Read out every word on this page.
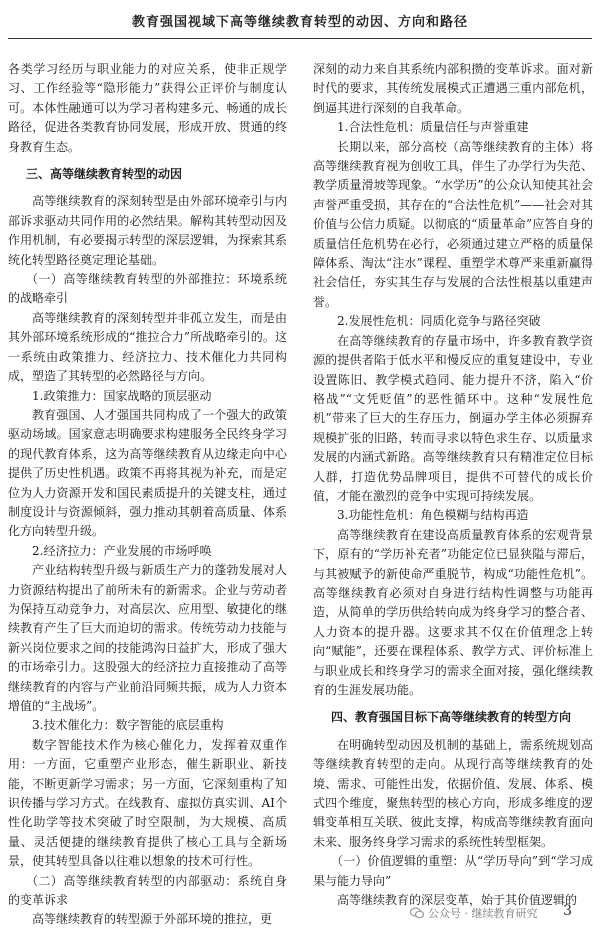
教育强国视域下高等继续教育转型的动因、方向和路径

各类学习经历与职业能力的对应关系，使非正规学习、工作经验等“隐形能力”获得公正评价与制度认可。本体性融通可以为学习者构建多元、畅通的成长路径，促进各类教育协同发展，形成开放、贯通的终身教育生态。

三、高等继续教育转型的动因

高等继续教育的深刻转型是由外部环境牵引与内部诉求驱动共同作用的必然结果。解构其转型动因及作用机制，有必要揭示转型的深层逻辑，为探索其系统化转型路径奠定理论基础。

（一）高等继续教育转型的外部推拉：环境系统的战略牵引

高等继续教育的深刻转型并非孤立发生，而是由其外部环境系统形成的“推拉合力”所战略牵引的。这一系统由政策推力、经济拉力、技术催化力共同构成，塑造了其转型的必然路径与方向。

1.政策推力：国家战略的顶层驱动

教育强国、人才强国共同构成了一个强大的政策驱动场域。国家意志明确要求构建服务全民终身学习的现代教育体系，这为高等继续教育从边缘走向中心提供了历史性机遇。政策不再将其视为补充，而是定位为人力资源开发和国民素质提升的关键支柱，通过制度设计与资源倾斜，强力推动其朝着高质量、体系化方向转型升级。

2.经济拉力：产业发展的市场呼唤

产业结构转型升级与新质生产力的蓬勃发展对人力资源结构提出了前所未有的新需求。企业与劳动者为保持互动竞争力，对高层次、应用型、敏捷化的继续教育产生了巨大而迫切的需求。传统劳动力技能与新兴岗位要求之间的技能鸿沟日益扩大，形成了强大的市场牵引力。这股强大的经济拉力直接推动了高等继续教育的内容与产业前沿同频共振，成为人力资本增值的“主战场”。

3.技术催化力：数字智能的底层重构

数字智能技术作为核心催化力，发挥着双重作用：一方面，它重塑产业形态，催生新职业、新技能，不断更新学习需求；另一方面，它深刻重构了知识传播与学习方式。在线教育、虚拟仿真实训、AI个性化助学等技术突破了时空限制，为大规模、高质量、灵活便捷的继续教育提供了核心工具与全新场景，使其转型具备以往难以想象的技术可行性。

（二）高等继续教育转型的内部驱动：系统自身的变革诉求

高等继续教育的转型源于外部环境的推拉，更

深刻的动力来自其系统内部积攒的变革诉求。面对新时代的要求，其传统发展模式正遭遇三重内部危机，倒逼其进行深刻的自我革命。

1.合法性危机：质量信任与声誉重建

长期以来，部分高校（高等继续教育的主体）将高等继续教育视为创收工具，伴生了办学行为失范、教学质量滑坡等现象。“水学历”的公众认知使其社会声誉严重受损，其存在的“合法性危机”——社会对其价值与公信力质疑。以彻底的“质量革命”应答自身的质量信任危机势在必行，必须通过建立严格的质量保障体系、淘汰“注水”课程、重塑学术尊严来重新赢得社会信任，夯实其生存与发展的合法性根基以重建声誉。

2.发展性危机：同质化竞争与路径突破

在高等继续教育的存量市场中，许多教育教学资源的提供者陷于低水平和慢反应的重复建设中，专业设置陈旧、教学模式趋同、能力提升不济，陷入“价格战”“文凭贬值”的恶性循环中。这种“发展性危机”带来了巨大的生存压力，倒逼办学主体必须摒弃规模扩张的旧路，转而寻求以特色求生存、以质量求发展的内涵式新路。高等继续教育只有精准定位目标人群，打造优势品牌项目，提供不可替代的成长价值，才能在激烈的竞争中实现可持续发展。

3.功能性危机：角色模糊与结构再造

高等继续教育在建设高质量教育体系的宏观背景下，原有的“学历补充者”功能定位已显狭隘与滞后，与其被赋予的新使命严重脱节，构成“功能性危机”。高等继续教育必须对自身进行结构性调整与功能再造，从简单的学历供给转向成为终身学习的整合者、人力资本的提升器。这要求其不仅在价值理念上转向“赋能”，还要在课程体系、教学方式、评价标准上与职业成长和终身学习的需求全面对接，强化继续教育的生涯发展功能。

四、教育强国目标下高等继续教育的转型方向

在明确转型动因及机制的基础上，需系统规划高等继续教育转型的走向。从现行高等继续教育的处境、需求、可能性出发，依据价值、发展、体系、模式四个维度，聚焦转型的核心方向，形成多维度的逻辑变革相互关联、彼此支撑，构成高等继续教育面向未来、服务终身学习需求的系统性转型框架。

（一）价值逻辑的重塑：从“学历导向”到“学习成果与能力导向”

高等继续教育的深层变革，始于其价值逻辑的

公众号 · 继续教育研究 3
